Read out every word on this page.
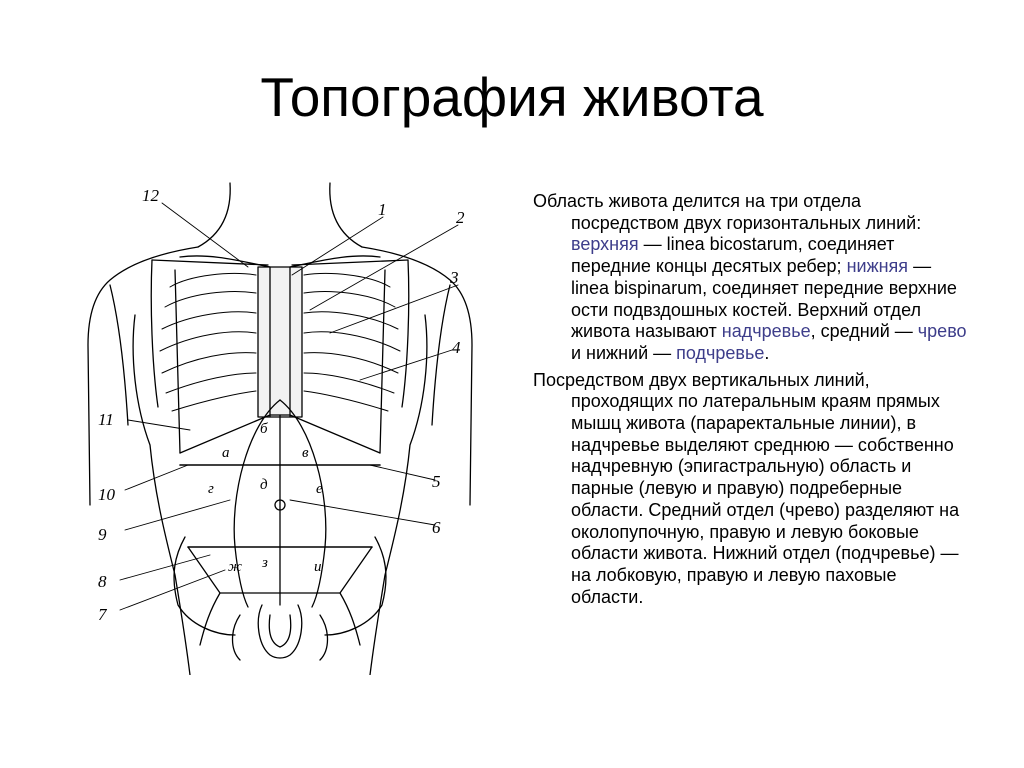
Топография живота
12
1	2
3
4
11
5
10
6
9
8
7
а
б
в
г	д	е
ж з	и

Область живота делится на три отдела посредством двух горизонтальных линий: верхняя — linea bicostarum, соединяет передние концы десятых ребер; нижняя — linea bispinarum, соединяет передние верхние ости подвздошных костей. Верхний отдел живота называют надчревье, средний — чрево и нижний — подчревье.

Посредством двух вертикальных линий, проходящих по латеральным краям прямых мышц живота (параректальные линии), в надчревье выделяют среднюю — собственно надчревную (эпигастральную) область и парные (левую и правую) подреберные области. Средний отдел (чрево) разделяют на околопупочную, правую и левую боковые области живота. Нижний отдел (подчревье) — на лобковую, правую и левую паховые области.
